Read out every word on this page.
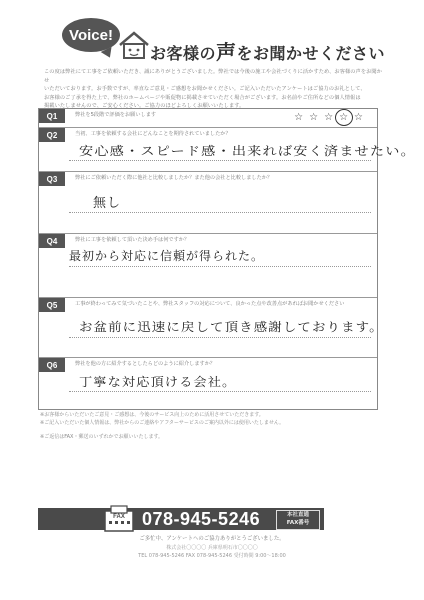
Voice!
お客様の声をお聞かせください
この度は弊社にて工事をご依頼いただき、誠にありがとうございました。弊社では今後の施工や会社づくりに活かすため、お客様の声をお聞かせ
いただいております。お手数ですが、率直なご意見・ご感想をお聞かせください。ご記入いただいたアンケートはご協力のお礼として、
お客様のご了承を得た上で、弊社のホームページや販促物に掲載させていただく場合がございます。お名前やご住所などの個人情報は
掲載いたしませんので、ご安心ください。ご協力のほどよろしくお願いいたします。
Q1	弊社を5段階で評価をお願いします	☆☆☆☆☆
Q2	当初、工事を依頼する会社にどんなことを期待されていましたか？
安心感・スピード感・出来れば安く済ませたい。
Q3	弊社にご依頼いただく際に他社と比較しましたか？また他の会社と比較しましたか？
無し
Q4	弊社に工事を依頼して頂いた決め手は何ですか？
最初から対応に信頼が得られた。
Q5	工事が終わってみて気づいたことや、弊社スタッフの対応について、良かった点や改善点があればお聞かせください
お盆前に迅速に戻して頂き感謝しております。
Q6	弊社を他の方に紹介するとしたらどのように紹介しますか？
丁寧な対応頂ける会社。
※お客様からいただいたご意見・ご感想は、今後のサービス向上のために活用させていただきます。
※ご記入いただいた個人情報は、弊社からのご連絡やアフターサービスのご案内以外には使用いたしません。
※ご返信はFAX・郵送のいずれかでお願いいたします。
FAX 078-945-5246	本社直通
FAX番号
ご多忙中、アンケートへのご協力ありがとうございました。
株式会社〇〇〇〇 兵庫県明石市〇〇〇〇
TEL 078-945-5246 FAX 078-945-5246 受付時間 9:00〜18:00
